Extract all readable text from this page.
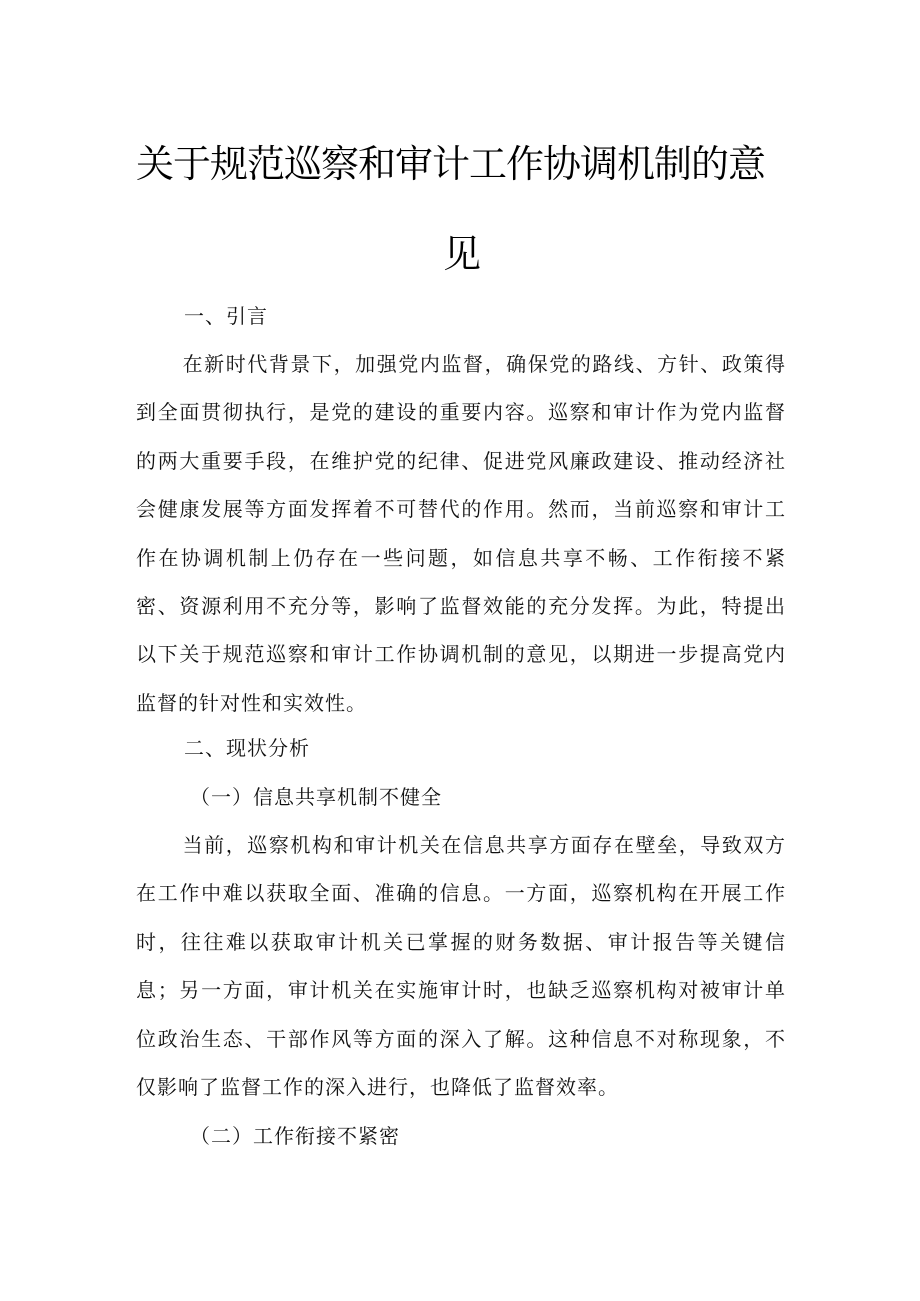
关于规范巡察和审计工作协调机制的意
见
一、引言
在新时代背景下，加强党内监督，确保党的路线、方针、政策得到全面贯彻执行，是党的建设的重要内容。巡察和审计作为党内监督的两大重要手段，在维护党的纪律、促进党风廉政建设、推动经济社会健康发展等方面发挥着不可替代的作用。然而，当前巡察和审计工作在协调机制上仍存在一些问题，如信息共享不畅、工作衔接不紧密、资源利用不充分等，影响了监督效能的充分发挥。为此，特提出以下关于规范巡察和审计工作协调机制的意见，以期进一步提高党内监督的针对性和实效性。
二、现状分析
（一）信息共享机制不健全
当前，巡察机构和审计机关在信息共享方面存在壁垒，导致双方在工作中难以获取全面、准确的信息。一方面，巡察机构在开展工作时，往往难以获取审计机关已掌握的财务数据、审计报告等关键信息；另一方面，审计机关在实施审计时，也缺乏巡察机构对被审计单位政治生态、干部作风等方面的深入了解。这种信息不对称现象，不仅影响了监督工作的深入进行，也降低了监督效率。
（二）工作衔接不紧密
